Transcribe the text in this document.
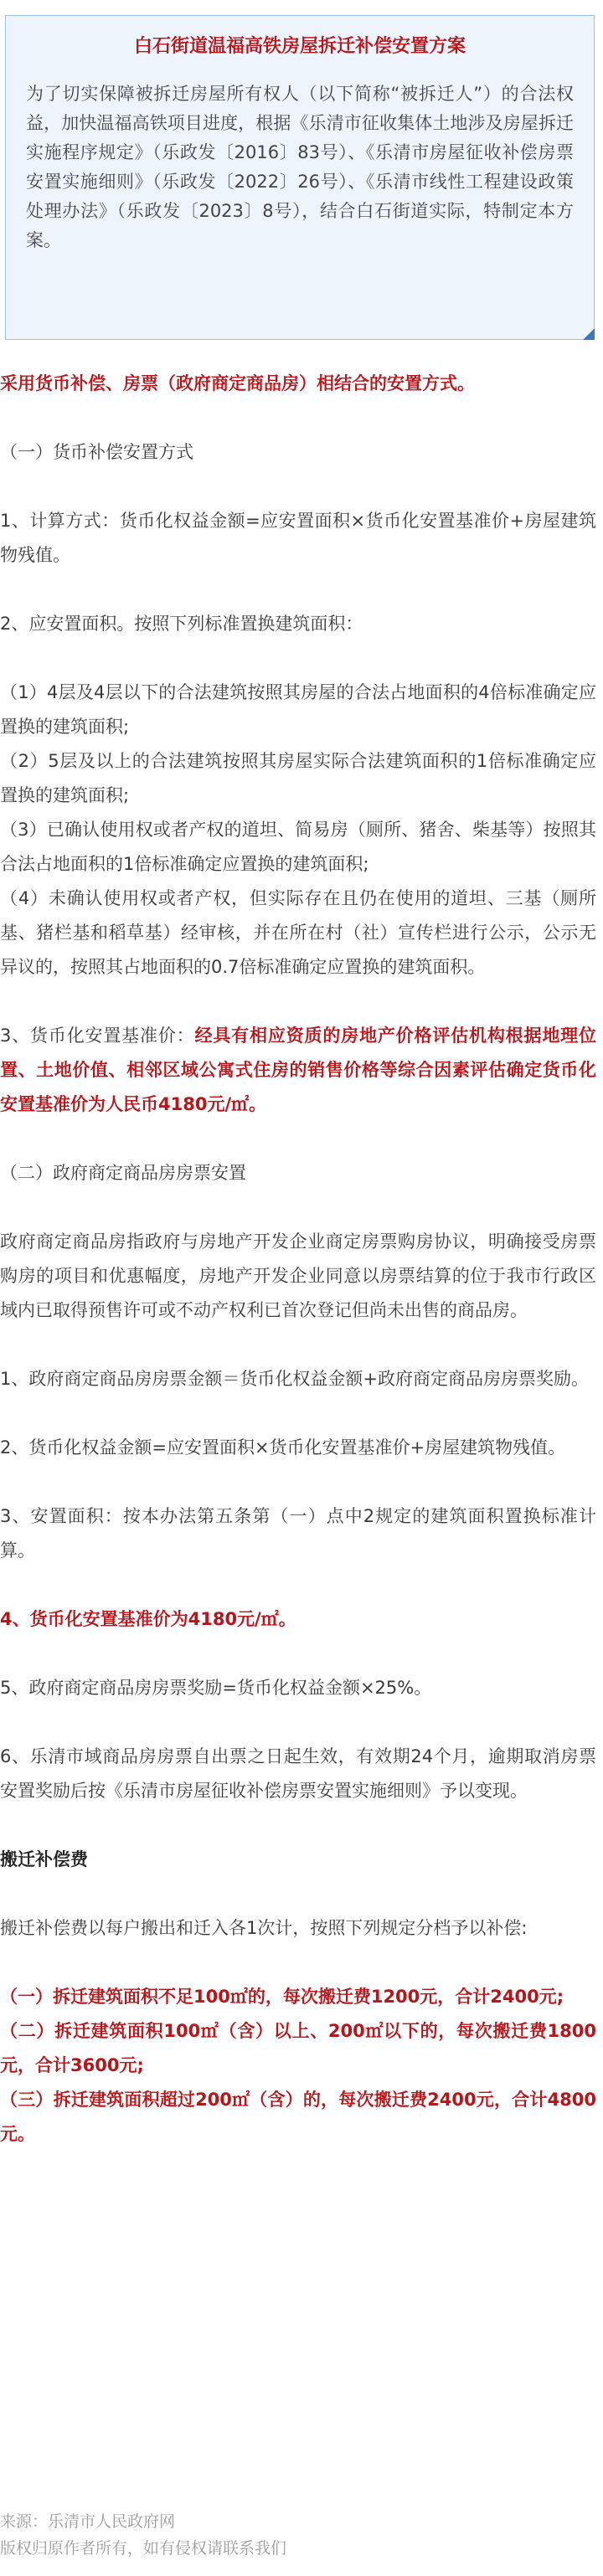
白石街道温福高铁房屋拆迁补偿安置方案

为了切实保障被拆迁房屋所有权人（以下简称“被拆迁人”）的合法权益，加快温福高铁项目进度，根据《乐清市征收集体土地涉及房屋拆迁实施程序规定》（乐政发〔2016〕83号）、《乐清市房屋征收补偿房票安置实施细则》（乐政发〔2022〕26号）、《乐清市线性工程建设政策处理办法》（乐政发〔2023〕8号），结合白石街道实际，特制定本方案。

采用货币补偿、房票（政府商定商品房）相结合的安置方式。

（一）货币补偿安置方式

1、计算方式：货币化权益金额=应安置面积×货币化安置基准价+房屋建筑物残值。

2、应安置面积。按照下列标准置换建筑面积：

（1）4层及4层以下的合法建筑按照其房屋的合法占地面积的4倍标准确定应置换的建筑面积;

（2）5层及以上的合法建筑按照其房屋实际合法建筑面积的1倍标准确定应置换的建筑面积;

（3）已确认使用权或者产权的道坦、简易房（厕所、猪舍、柴基等）按照其合法占地面积的1倍标准确定应置换的建筑面积;

（4）未确认使用权或者产权，但实际存在且仍在使用的道坦、三基（厕所基、猪栏基和稻草基）经审核，并在所在村（社）宣传栏进行公示，公示无异议的，按照其占地面积的0.7倍标准确定应置换的建筑面积。

3、货币化安置基准价：经具有相应资质的房地产价格评估机构根据地理位置、土地价值、相邻区域公寓式住房的销售价格等综合因素评估确定货币化安置基准价为人民币4180元/㎡。

（二）政府商定商品房房票安置

政府商定商品房指政府与房地产开发企业商定房票购房协议，明确接受房票购房的项目和优惠幅度，房地产开发企业同意以房票结算的位于我市行政区域内已取得预售许可或不动产权利已首次登记但尚未出售的商品房。

1、政府商定商品房房票金额＝货币化权益金额+政府商定商品房房票奖励。

2、货币化权益金额=应安置面积×货币化安置基准价+房屋建筑物残值。

3、安置面积：按本办法第五条第（一）点中2规定的建筑面积置换标准计算。

4、货币化安置基准价为4180元/㎡。

5、政府商定商品房房票奖励=货币化权益金额×25%。

6、乐清市域商品房房票自出票之日起生效，有效期24个月，逾期取消房票安置奖励后按《乐清市房屋征收补偿房票安置实施细则》予以变现。

搬迁补偿费

搬迁补偿费以每户搬出和迁入各1次计，按照下列规定分档予以补偿:

（一）拆迁建筑面积不足100㎡的，每次搬迁费1200元，合计2400元;

（二）拆迁建筑面积100㎡（含）以上、200㎡以下的，每次搬迁费1800元，合计3600元;

（三）拆迁建筑面积超过200㎡（含）的，每次搬迁费2400元，合计4800元。

来源：乐清市人民政府网
版权归原作者所有，如有侵权请联系我们
